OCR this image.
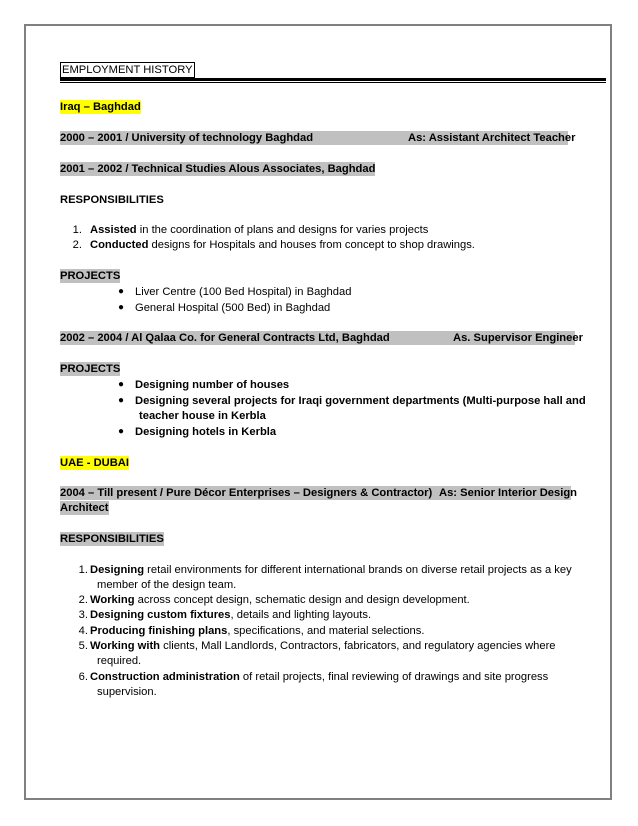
EMPLOYMENT HISTORY
Iraq – Baghdad
2000 – 2001 / University of technology Baghdad	As: Assistant Architect Teacher
2001 – 2002 / Technical Studies Alous Associates, Baghdad
RESPONSIBILITIES
1. Assisted in the coordination of plans and designs for varies projects
2. Conducted designs for Hospitals and houses from concept to shop drawings.
PROJECTS
● Liver Centre (100 Bed Hospital) in Baghdad
● General Hospital (500 Bed) in Baghdad
2002 – 2004 / Al Qalaa Co. for General Contracts Ltd, Baghdad	As. Supervisor Engineer
PROJECTS
● Designing number of houses
● Designing several projects for Iraqi government departments (Multi-purpose hall and
teacher house in Kerbla
● Designing hotels in Kerbla
UAE - DUBAI
2004 – Till present / Pure Décor Enterprises – Designers & Contractor) As: Senior Interior Design
Architect
RESPONSIBILITIES
1. Designing retail environments for different international brands on diverse retail projects as a key
member of the design team.
2. Working across concept design, schematic design and design development.
3. Designing custom fixtures, details and lighting layouts.
4. Producing finishing plans, specifications, and material selections.
5. Working with clients, Mall Landlords, Contractors, fabricators, and regulatory agencies where
required.
6. Construction administration of retail projects, final reviewing of drawings and site progress
supervision.
